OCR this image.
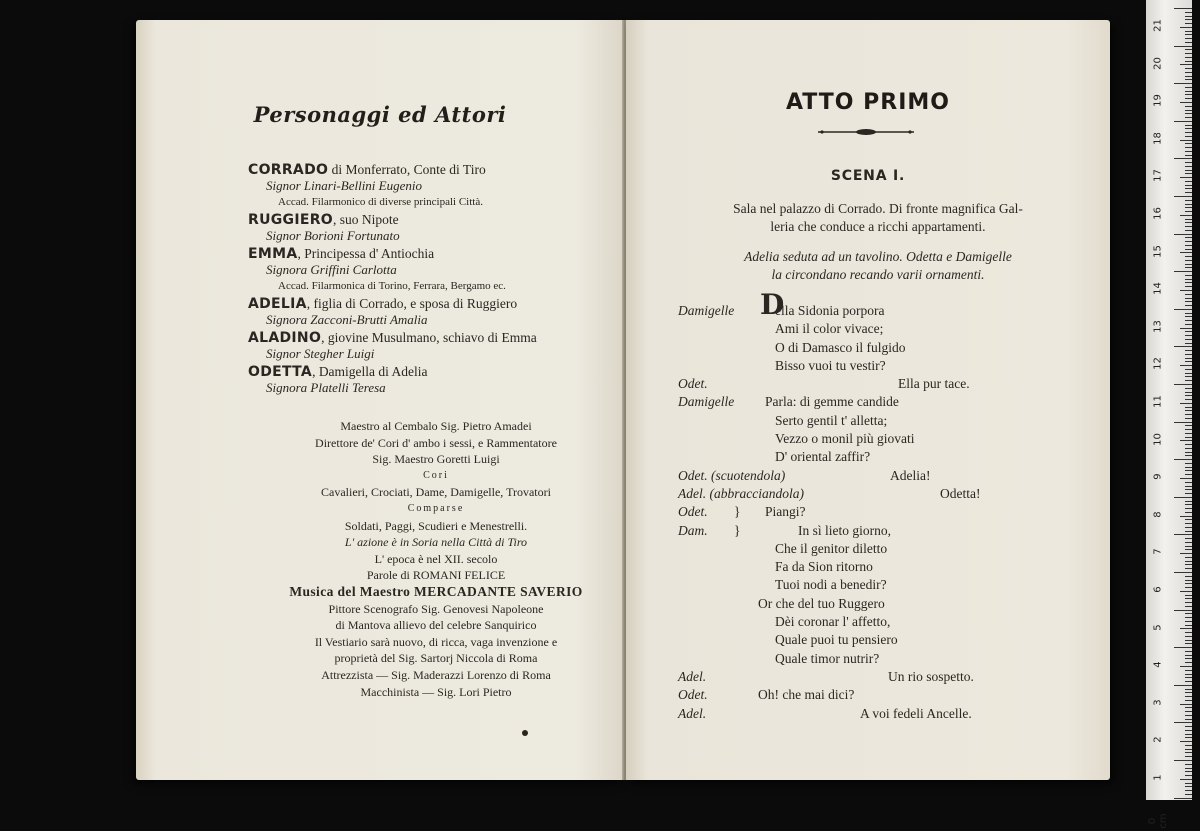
Personaggi ed Attori
CORRADO di Monferrato, Conte di Tiro
Signor Linari-Bellini Eugenio
Accad. Filarmonico di diverse principali Città.
RUGGIERO, suo Nipote
Signor Borioni Fortunato
EMMA, Principessa d' Antiochia
Signora Griffini Carlotta
Accad. Filarmonica di Torino, Ferrara, Bergamo ec.
ADELIA, figlia di Corrado, e sposa di Ruggiero
Signora Zacconi-Brutti Amalia
ALADINO, giovine Musulmano, schiavo di Emma
Signor Stegher Luigi
ODETTA, Damigella di Adelia
Signora Platelli Teresa
Maestro al Cembalo Sig. Pietro Amadei
Direttore de' Cori d' ambo i sessi, e Rammentatore
Sig. Maestro Goretti Luigi
Cori
Cavalieri, Crociati, Dame, Damigelle, Trovatori
Comparse
Soldati, Paggi, Scudieri e Menestrelli.
L' azione è in Soria nella Città di Tiro
L' epoca è nel XII. secolo
Parole di ROMANI FELICE
Musica del Maestro MERCADANTE SAVERIO
Pittore Scenografo Sig. Genovesi Napoleone
di Mantova allievo del celebre Sanquirico
Il Vestiario sarà nuovo, di ricca, vaga invenzione e
proprietà del Sig. Sartorj Niccola di Roma
Attrezzista — Sig. Maderazzi Lorenzo di Roma
Macchinista — Sig. Lori Pietro
ATTO PRIMO
SCENA I.
Sala nel palazzo di Corrado. Di fronte magnifica Gal-
leria che conduce a ricchi appartamenti.
Adelia seduta ad un tavolino. Odetta e Damigelle
la circondano recando varii ornamenti.
Damigelle D
ella Sidonia porpora
Ami il color vivace;
O di Damasco il fulgido
Bisso vuoi tu vestir?
Odet.	Ella pur tace.
Damigelle Parla: di gemme candide
Serto gentil t' alletta;
Vezzo o monil più giovati
D' oriental zaffir?
Odet. (scuotendola)	Adelia!
Adel. (abbracciandola)	Odetta!
Odet. } Piangi?
Dam. }	In sì lieto giorno,
Che il genitor diletto
Fa da Sion ritorno
Tuoi nodi a benedir?
Or che del tuo Ruggero
Dèi coronar l' affetto,
Quale puoi tu pensiero
Quale timor nutrir?
Adel.	Un rio sospetto.
Odet.	Oh! che mai dici?
Adel.	A voi fedeli Ancelle.
21
20
19
18
17
16
15
14
13
12
11
10
9
8
7
6
5
4
3
2
1
0 cm
